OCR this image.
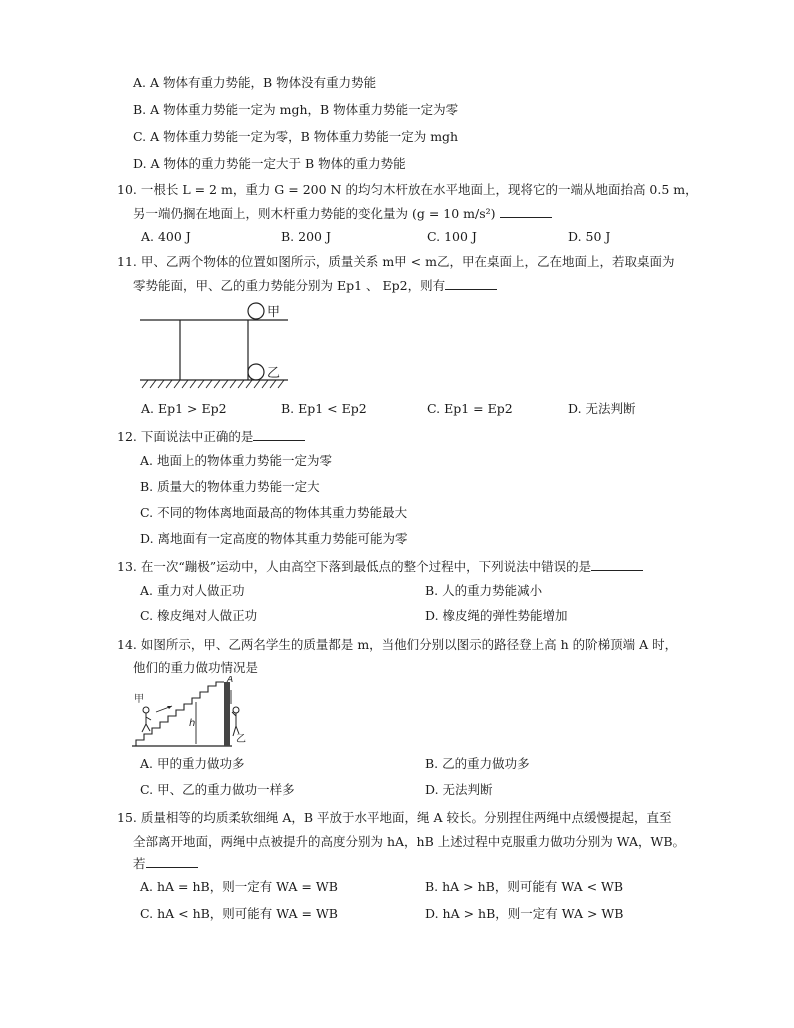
A. A 物体有重力势能，B 物体没有重力势能
B. A 物体重力势能一定为 mgh，B 物体重力势能一定为零
C. A 物体重力势能一定为零，B 物体重力势能一定为 mgh
D. A 物体的重力势能一定大于 B 物体的重力势能
10. 一根长 L = 2 m，重力 G = 200 N 的均匀木杆放在水平地面上，现将它的一端从地面抬高 0.5 m，
另一端仍搁在地面上，则木杆重力势能的变化量为 (g = 10 m/s²)
A. 400 J	B. 200 J	C. 100 J	D. 50 J
11. 甲、乙两个物体的位置如图所示，质量关系 m甲 < m乙，甲在桌面上，乙在地面上，若取桌面为
零势能面，甲、乙的重力势能分别为 Ep1 、 Ep2，则有
甲
乙
A. Ep1 > Ep2	B. Ep1 < Ep2	C. Ep1 = Ep2	D. 无法判断
12. 下面说法中正确的是
A. 地面上的物体重力势能一定为零
B. 质量大的物体重力势能一定大
C. 不同的物体离地面最高的物体其重力势能最大
D. 离地面有一定高度的物体其重力势能可能为零
13. 在一次“蹦极”运动中，人由高空下落到最低点的整个过程中，下列说法中错误的是
A. 重力对人做正功	B. 人的重力势能减小
C. 橡皮绳对人做正功	D. 橡皮绳的弹性势能增加
14. 如图所示，甲、乙两名学生的质量都是 m，当他们分别以图示的路径登上高 h 的阶梯顶端 A 时，
他们的重力做功情况是
h
A
甲
乙
A. 甲的重力做功多	B. 乙的重力做功多
C. 甲、乙的重力做功一样多	D. 无法判断
15. 质量相等的均质柔软细绳 A，B 平放于水平地面，绳 A 较长。分别捏住两绳中点缓慢提起，直至
全部离开地面，两绳中点被提升的高度分别为 hA，hB 上述过程中克服重力做功分别为 WA，WB。
若
A. hA = hB，则一定有 WA = WB	B. hA > hB，则可能有 WA < WB
C. hA < hB，则可能有 WA = WB	D. hA > hB，则一定有 WA > WB
